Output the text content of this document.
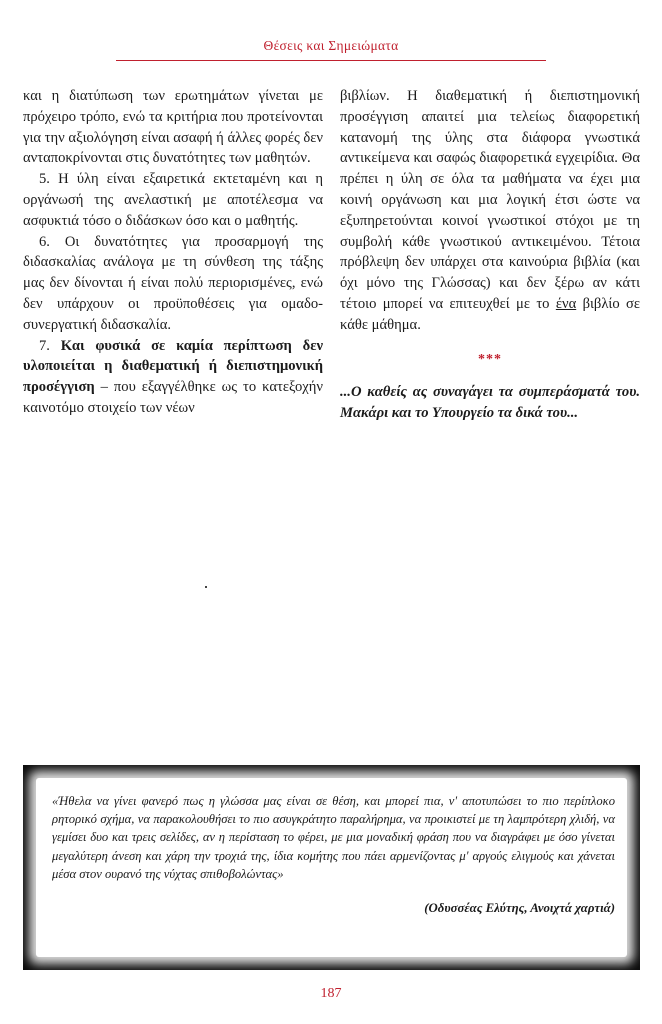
Θέσεις και Σημειώματα

και η διατύπωση των ερωτημάτων γίνεται με πρόχειρο τρόπο, ενώ τα κριτήρια που προτείνονται για την αξιολόγηση είναι ασαφή ή άλλες φορές δεν ανταποκρίνονται στις δυνατότητες των μαθητών.

5. Η ύλη είναι εξαιρετικά εκτεταμένη και η οργάνωσή της ανελαστική με αποτέλεσμα να ασφυκτιά τόσο ο διδάσκων όσο και ο μαθητής.

6. Οι δυνατότητες για προσαρμογή της διδασκαλίας ανάλογα με τη σύνθεση της τάξης μας δεν δίνονται ή είναι πολύ περιορισμένες, ενώ δεν υπάρχουν οι προϋποθέσεις για ομαδο-συνεργατική διδασκαλία.

7. Και φυσικά σε καμία περίπτωση δεν υλοποιείται η διαθεματική ή διεπιστημονική προσέγγιση – που εξαγγέλθηκε ως το κατεξοχήν καινοτόμο στοιχείο των νέων

βιβλίων. Η διαθεματική ή διεπιστημονική προσέγγιση απαιτεί μια τελείως διαφορετική κατανομή της ύλης στα διάφορα γνωστικά αντικείμενα και σαφώς διαφορετικά εγχειρίδια. Θα πρέπει η ύλη σε όλα τα μαθήματα να έχει μια κοινή οργάνωση και μια λογική έτσι ώστε να εξυπηρετούνται κοινοί γνωστικοί στόχοι με τη συμβολή κάθε γνωστικού αντικειμένου. Τέτοια πρόβλεψη δεν υπάρχει στα καινούρια βιβλία (και όχι μόνο της Γλώσσας) και δεν ξέρω αν κάτι τέτοιο μπορεί να επιτευχθεί με το ένα βιβλίο σε κάθε μάθημα.

***

...Ο καθείς ας συναγάγει τα συμπεράσματά του. Μακάρι και το Υπουργείο τα δικά του...

«Ήθελα να γίνει φανερό πως η γλώσσα μας είναι σε θέση, και μπορεί πια, ν' αποτυπώσει το πιο περίπλοκο ρητορικό σχήμα, να παρακολουθήσει το πιο ασυγκράτητο παραλήρημα, να προικιστεί με τη λαμπρότερη χλιδή, να γεμίσει δυο και τρεις σελίδες, αν η περίσταση το φέρει, με μια μοναδική φράση που να διαγράφει με όσο γίνεται μεγαλύτερη άνεση και χάρη την τροχιά της, ίδια κομήτης που πάει αρμενίζοντας μ' αργούς ελιγμούς και χάνεται μέσα στον ουρανό της νύχτας σπιθοβολώντας»

(Οδυσσέας Ελύτης, Ανοιχτά χαρτιά)
187
